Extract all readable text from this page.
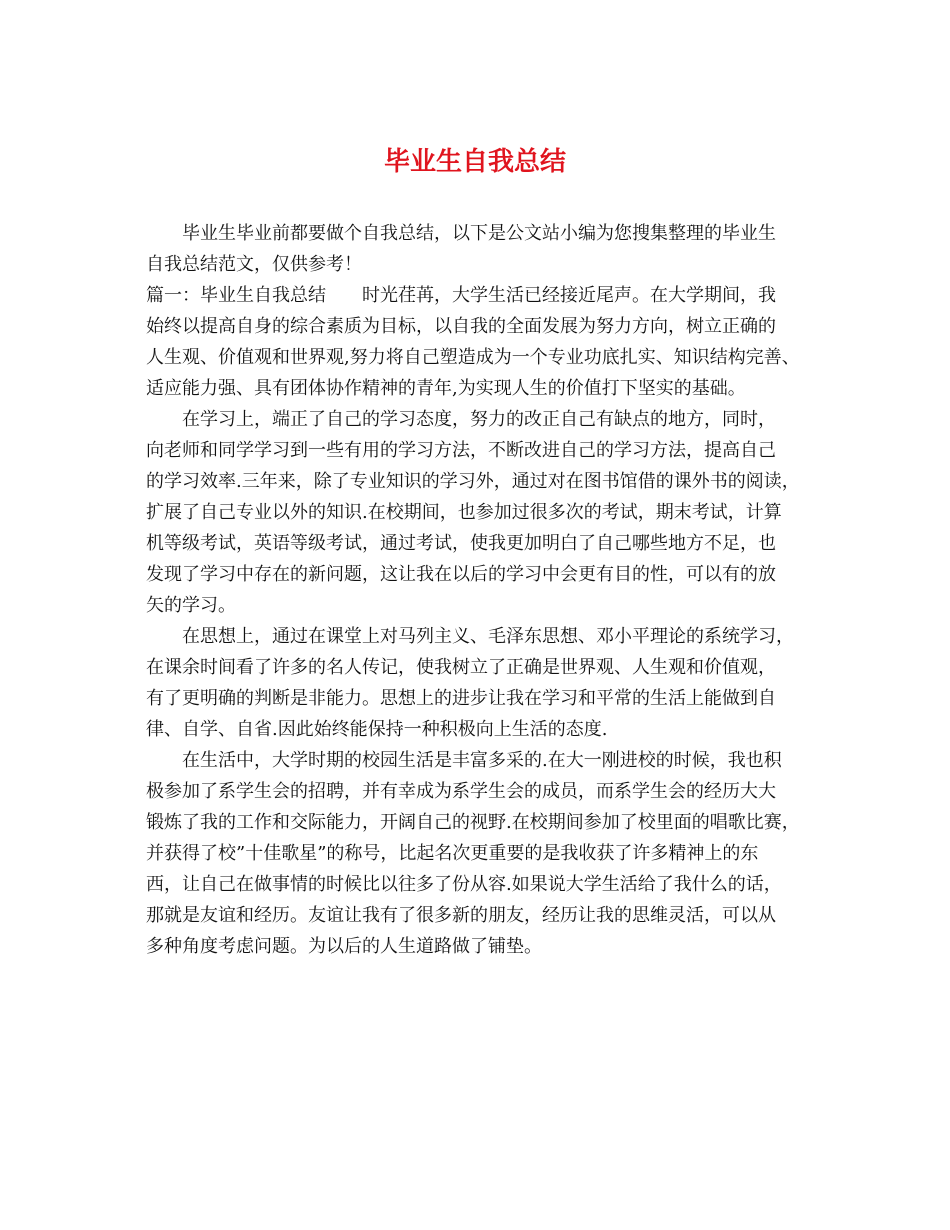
毕业生自我总结
毕业生毕业前都要做个自我总结，以下是公文站小编为您搜集整理的毕业生
自我总结范文，仅供参考！
篇一：毕业生自我总结　　时光荏苒，大学生活已经接近尾声。在大学期间，我
始终以提高自身的综合素质为目标，以自我的全面发展为努力方向，树立正确的
人生观、价值观和世界观,努力将自己塑造成为一个专业功底扎实、知识结构完善、
适应能力强、具有团体协作精神的青年,为实现人生的价值打下坚实的基础。
在学习上，端正了自己的学习态度，努力的改正自己有缺点的地方，同时，
向老师和同学学习到一些有用的学习方法，不断改进自己的学习方法，提高自己
的学习效率.三年来，除了专业知识的学习外，通过对在图书馆借的课外书的阅读，
扩展了自己专业以外的知识.在校期间，也参加过很多次的考试，期末考试，计算
机等级考试，英语等级考试，通过考试，使我更加明白了自己哪些地方不足，也
发现了学习中存在的新问题，这让我在以后的学习中会更有目的性，可以有的放
矢的学习。
在思想上，通过在课堂上对马列主义、毛泽东思想、邓小平理论的系统学习，
在课余时间看了许多的名人传记，使我树立了正确是世界观、人生观和价值观，
有了更明确的判断是非能力。思想上的进步让我在学习和平常的生活上能做到自
律、自学、自省.因此始终能保持一种积极向上生活的态度.
在生活中，大学时期的校园生活是丰富多采的.在大一刚进校的时候，我也积
极参加了系学生会的招聘，并有幸成为系学生会的成员，而系学生会的经历大大
锻炼了我的工作和交际能力，开阔自己的视野.在校期间参加了校里面的唱歌比赛，
并获得了校”十佳歌星”的称号，比起名次更重要的是我收获了许多精神上的东
西，让自己在做事情的时候比以往多了份从容.如果说大学生活给了我什么的话，
那就是友谊和经历。友谊让我有了很多新的朋友，经历让我的思维灵活，可以从
多种角度考虑问题。为以后的人生道路做了铺垫。
